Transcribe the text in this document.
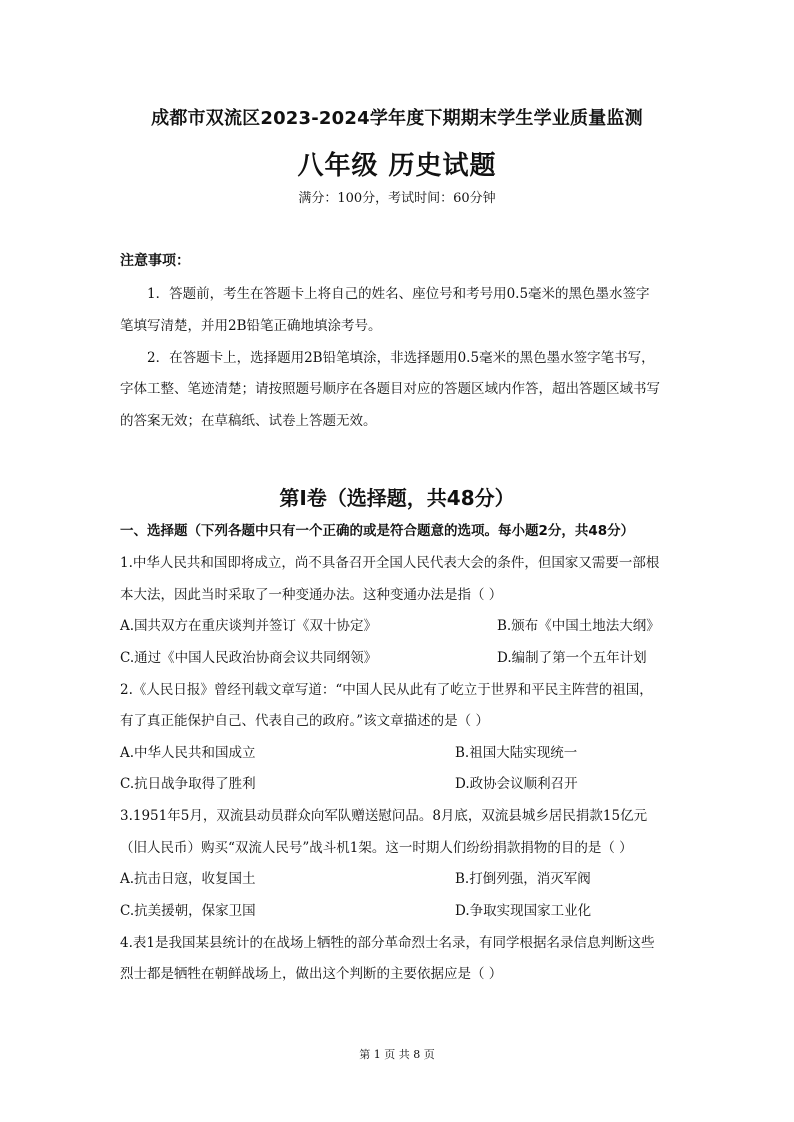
成都市双流区2023-2024学年度下期期末学生学业质量监测
八年级 历史试题
满分：100分，考试时间：60分钟
注意事项：
1．答题前，考生在答题卡上将自己的姓名、座位号和考号用0.5毫米的黑色墨水签字
笔填写清楚，并用2B铅笔正确地填涂考号。
2．在答题卡上，选择题用2B铅笔填涂，非选择题用0.5毫米的黑色墨水签字笔书写，
字体工整、笔迹清楚；请按照题号顺序在各题目对应的答题区域内作答，超出答题区域书写
的答案无效；在草稿纸、试卷上答题无效。
第Ⅰ卷（选择题，共48分）
一、选择题（下列各题中只有一个正确的或是符合题意的选项。每小题2分，共48分）
1.中华人民共和国即将成立，尚不具备召开全国人民代表大会的条件，但国家又需要一部根
本大法，因此当时采取了一种变通办法。这种变通办法是指（ ）
A.国共双方在重庆谈判并签订《双十协定》	B.颁布《中国土地法大纲》
C.通过《中国人民政治协商会议共同纲领》	D.编制了第一个五年计划
2.《人民日报》曾经刊载文章写道：“中国人民从此有了屹立于世界和平民主阵营的祖国，
有了真正能保护自己、代表自己的政府。”该文章描述的是（ ）
A.中华人民共和国成立	B.祖国大陆实现统一
C.抗日战争取得了胜利	D.政协会议顺利召开
3.1951年5月，双流县动员群众向军队赠送慰问品。8月底，双流县城乡居民捐款15亿元
（旧人民币）购买“双流人民号”战斗机1架。这一时期人们纷纷捐款捐物的目的是（ ）
A.抗击日寇，收复国土	B.打倒列强，消灭军阀
C.抗美援朝，保家卫国	D.争取实现国家工业化
4.表1是我国某县统计的在战场上牺牲的部分革命烈士名录，有同学根据名录信息判断这些
烈士都是牺牲在朝鲜战场上，做出这个判断的主要依据应是（ ）
第 1 页 共 8 页
